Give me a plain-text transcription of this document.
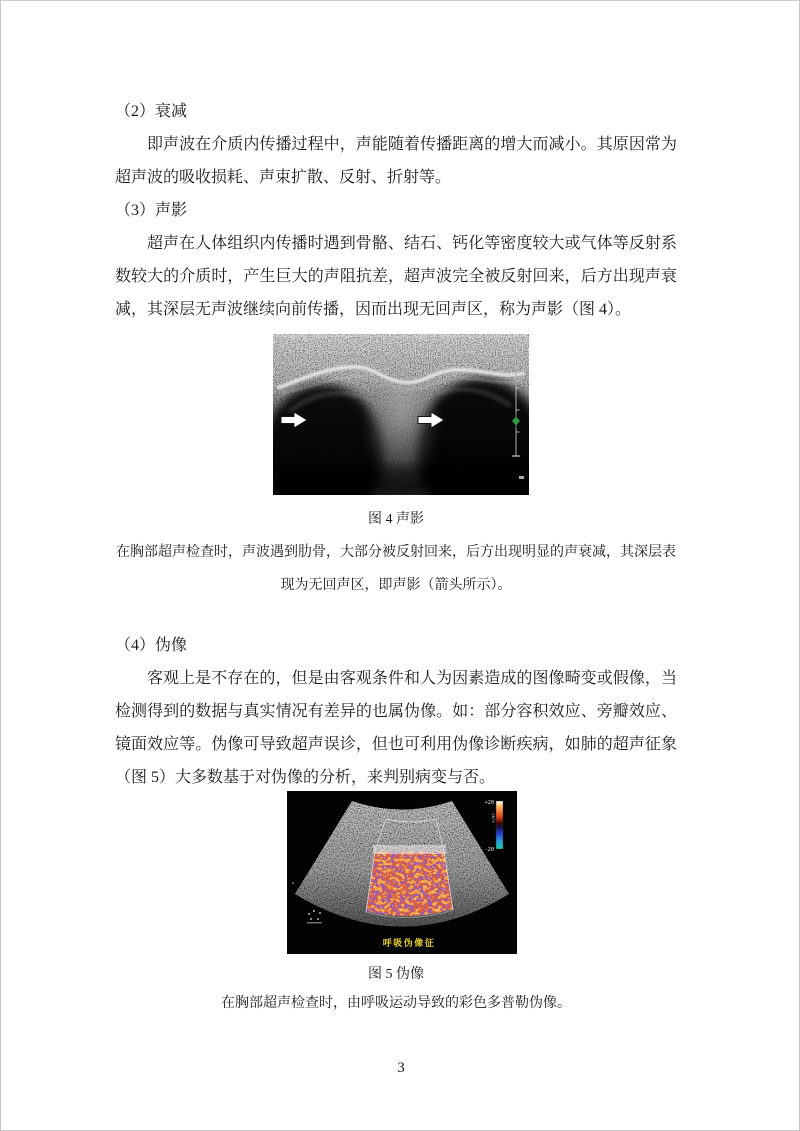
（2）衰减
即声波在介质内传播过程中，声能随着传播距离的增大而减小。其原因常为超声波的吸收损耗、声束扩散、反射、折射等。
（3）声影
超声在人体组织内传播时遇到骨骼、结石、钙化等密度较大或气体等反射系数较大的介质时，产生巨大的声阻抗差，超声波完全被反射回来，后方出现声衰减，其深层无声波继续向前传播，因而出现无回声区，称为声影（图 4）。
图 4 声影
在胸部超声检查时，声波遇到肋骨，大部分被反射回来，后方出现明显的声衰减，其深层表现为无回声区，即声影（箭头所示）。
（4）伪像
客观上是不存在的，但是由客观条件和人为因素造成的图像畸变或假像，当检测得到的数据与真实情况有差异的也属伪像。如：部分容积效应、旁瓣效应、镜面效应等。伪像可导致超声误诊，但也可利用伪像诊断疾病，如肺的超声征象（图 5）大多数基于对伪像的分析，来判别病变与否。
+20
-20
cm/s
呼吸伪像征
图 5 伪像
在胸部超声检查时，由呼吸运动导致的彩色多普勒伪像。
3
